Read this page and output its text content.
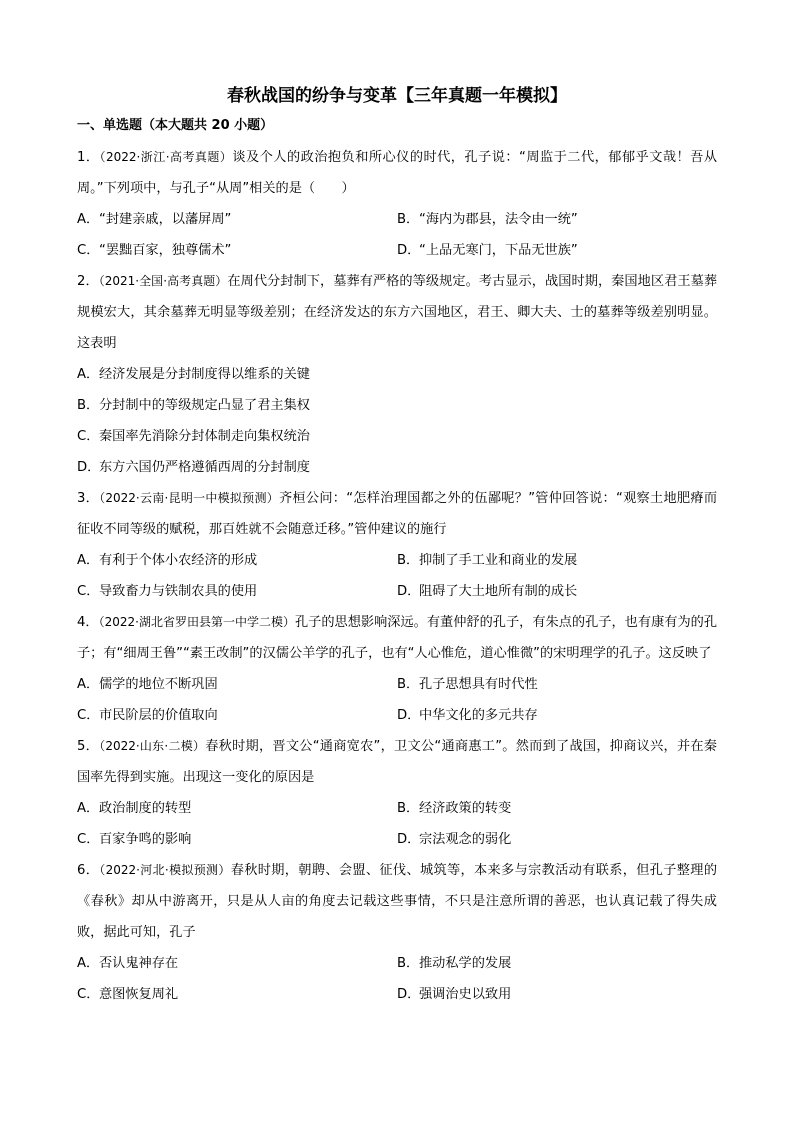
春秋战国的纷争与变革【三年真题一年模拟】
一、单选题（本大题共 20 小题）

1．（2022·浙江·高考真题）谈及个人的政治抱负和所心仪的时代，孔子说：“周监于二代，郁郁乎文哉！吾从周。”下列项中，与孔子“从周”相关的是（　　）

A．“封建亲戚，以藩屏周”	B．“海内为郡县，法令由一统”
C．“罢黜百家，独尊儒术”	D．“上品无寒门，下品无世族”

2．（2021·全国·高考真题）在周代分封制下，墓葬有严格的等级规定。考古显示，战国时期，秦国地区君王墓葬规模宏大，其余墓葬无明显等级差别；在经济发达的东方六国地区，君王、卿大夫、士的墓葬等级差别明显。这表明

A．经济发展是分封制度得以维系的关键
B．分封制中的等级规定凸显了君主集权
C．秦国率先消除分封体制走向集权统治
D．东方六国仍严格遵循西周的分封制度

3．（2022·云南·昆明一中模拟预测）齐桓公问：“怎样治理国都之外的伍鄙呢？”管仲回答说：“观察土地肥瘠而征收不同等级的赋税，那百姓就不会随意迁移。”管仲建议的施行

A．有利于个体小农经济的形成	B．抑制了手工业和商业的发展
C．导致畜力与铁制农具的使用	D．阻碍了大土地所有制的成长

4．（2022·湖北省罗田县第一中学二模）孔子的思想影响深远。有董仲舒的孔子，有朱点的孔子，也有康有为的孔子；有“细周王鲁”“素王改制”的汉儒公羊学的孔子，也有“人心惟危，道心惟微”的宋明理学的孔子。这反映了

A．儒学的地位不断巩固	B．孔子思想具有时代性
C．市民阶层的价值取向	D．中华文化的多元共存

5．（2022·山东·二模）春秋时期，晋文公“通商宽农”，卫文公“通商惠工”。然而到了战国，抑商议兴，并在秦国率先得到实施。出现这一变化的原因是

A．政治制度的转型	B．经济政策的转变
C．百家争鸣的影响	D．宗法观念的弱化

6．（2022·河北·模拟预测）春秋时期，朝聘、会盟、征伐、城筑等，本来多与宗教活动有联系，但孔子整理的《春秋》却从中游离开，只是从人亩的角度去记载这些事情，不只是注意所谓的善恶，也认真记载了得失成败，据此可知，孔子

A．否认鬼神存在	B．推动私学的发展
C．意图恢复周礼	D．强调治史以致用
